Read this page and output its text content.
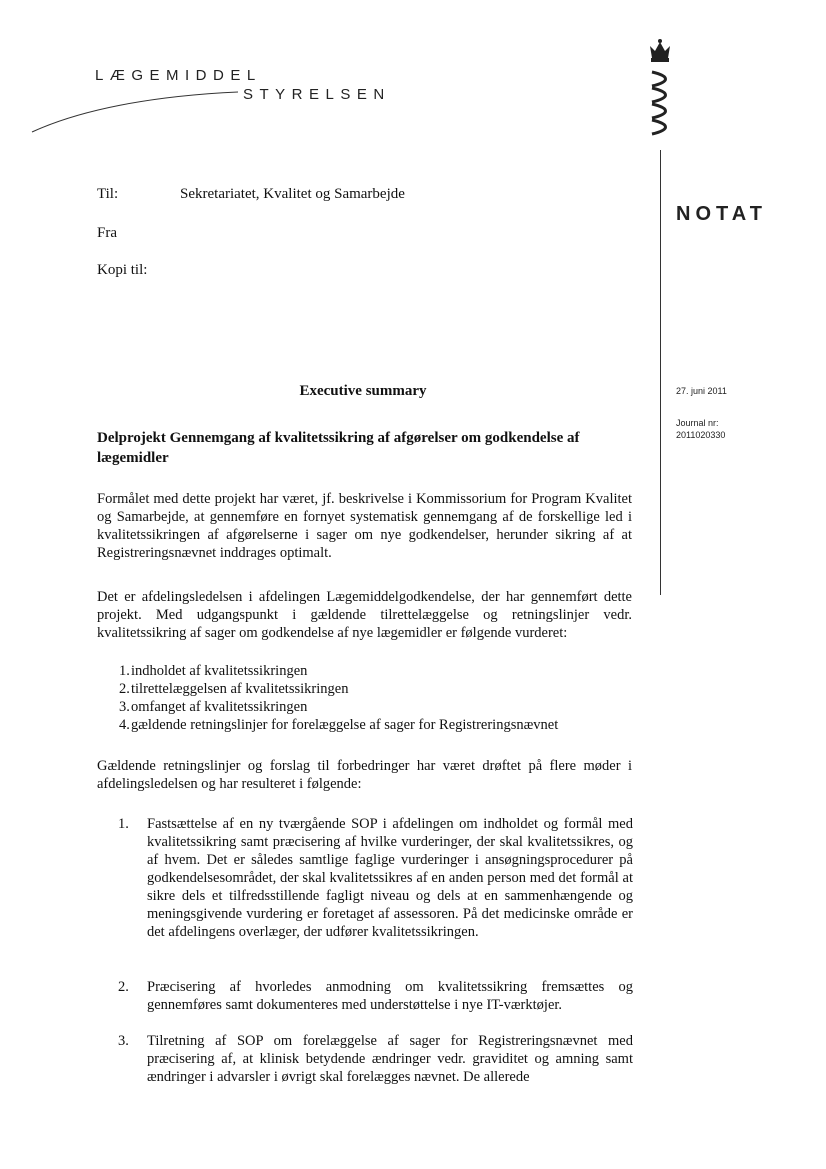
LÆGEMIDDEL
STYRELSEN
NOTAT
Til:	Sekretariatet, Kvalitet og Samarbejde
Fra
Kopi til:
27. juni 2011
Journal nr:
2011020330
Executive summary
Delprojekt Gennemgang af kvalitetssikring af afgørelser om godkendelse af lægemidler
Formålet med dette projekt har været, jf. beskrivelse i Kommissorium for Program Kvalitet og Samarbejde, at gennemføre en fornyet systematisk gennemgang af de forskellige led i kvalitetssikringen af afgørelserne i sager om nye godkendelser, herunder sikring af at Registreringsnævnet inddrages optimalt.
Det er afdelingsledelsen i afdelingen Lægemiddelgodkendelse, der har gennemført dette projekt. Med udgangspunkt i gældende tilrettelæggelse og retningslinjer vedr. kvalitetssikring af sager om godkendelse af nye lægemidler er følgende vurderet:
1. indholdet af kvalitetssikringen
2. tilrettelæggelsen af kvalitetssikringen
3. omfanget af kvalitetssikringen
4. gældende retningslinjer for forelæggelse af sager for Registreringsnævnet
Gældende retningslinjer og forslag til forbedringer har været drøftet på flere møder i afdelingsledelsen og har resulteret i følgende:
1. Fastsættelse af en ny tværgående SOP i afdelingen om indholdet og formål med kvalitetssikring samt præcisering af hvilke vurderinger, der skal kvalitetssikres, og af hvem. Det er således samtlige faglige vurderinger i ansøgningsprocedurer på godkendelsesområdet, der skal kvalitetssikres af en anden person med det formål at sikre dels et tilfredsstillende fagligt niveau og dels at en sammenhængende og meningsgivende vurdering er foretaget af assessoren. På det medicinske område er det afdelingens overlæger, der udfører kvalitetssikringen.
2. Præcisering af hvorledes anmodning om kvalitetssikring fremsættes og gennemføres samt dokumenteres med understøttelse i nye IT-værktøjer.
3. Tilretning af SOP om forelæggelse af sager for Registreringsnævnet med præcisering af, at klinisk betydende ændringer vedr. graviditet og amning samt ændringer i advarsler i øvrigt skal forelægges nævnet. De allerede
